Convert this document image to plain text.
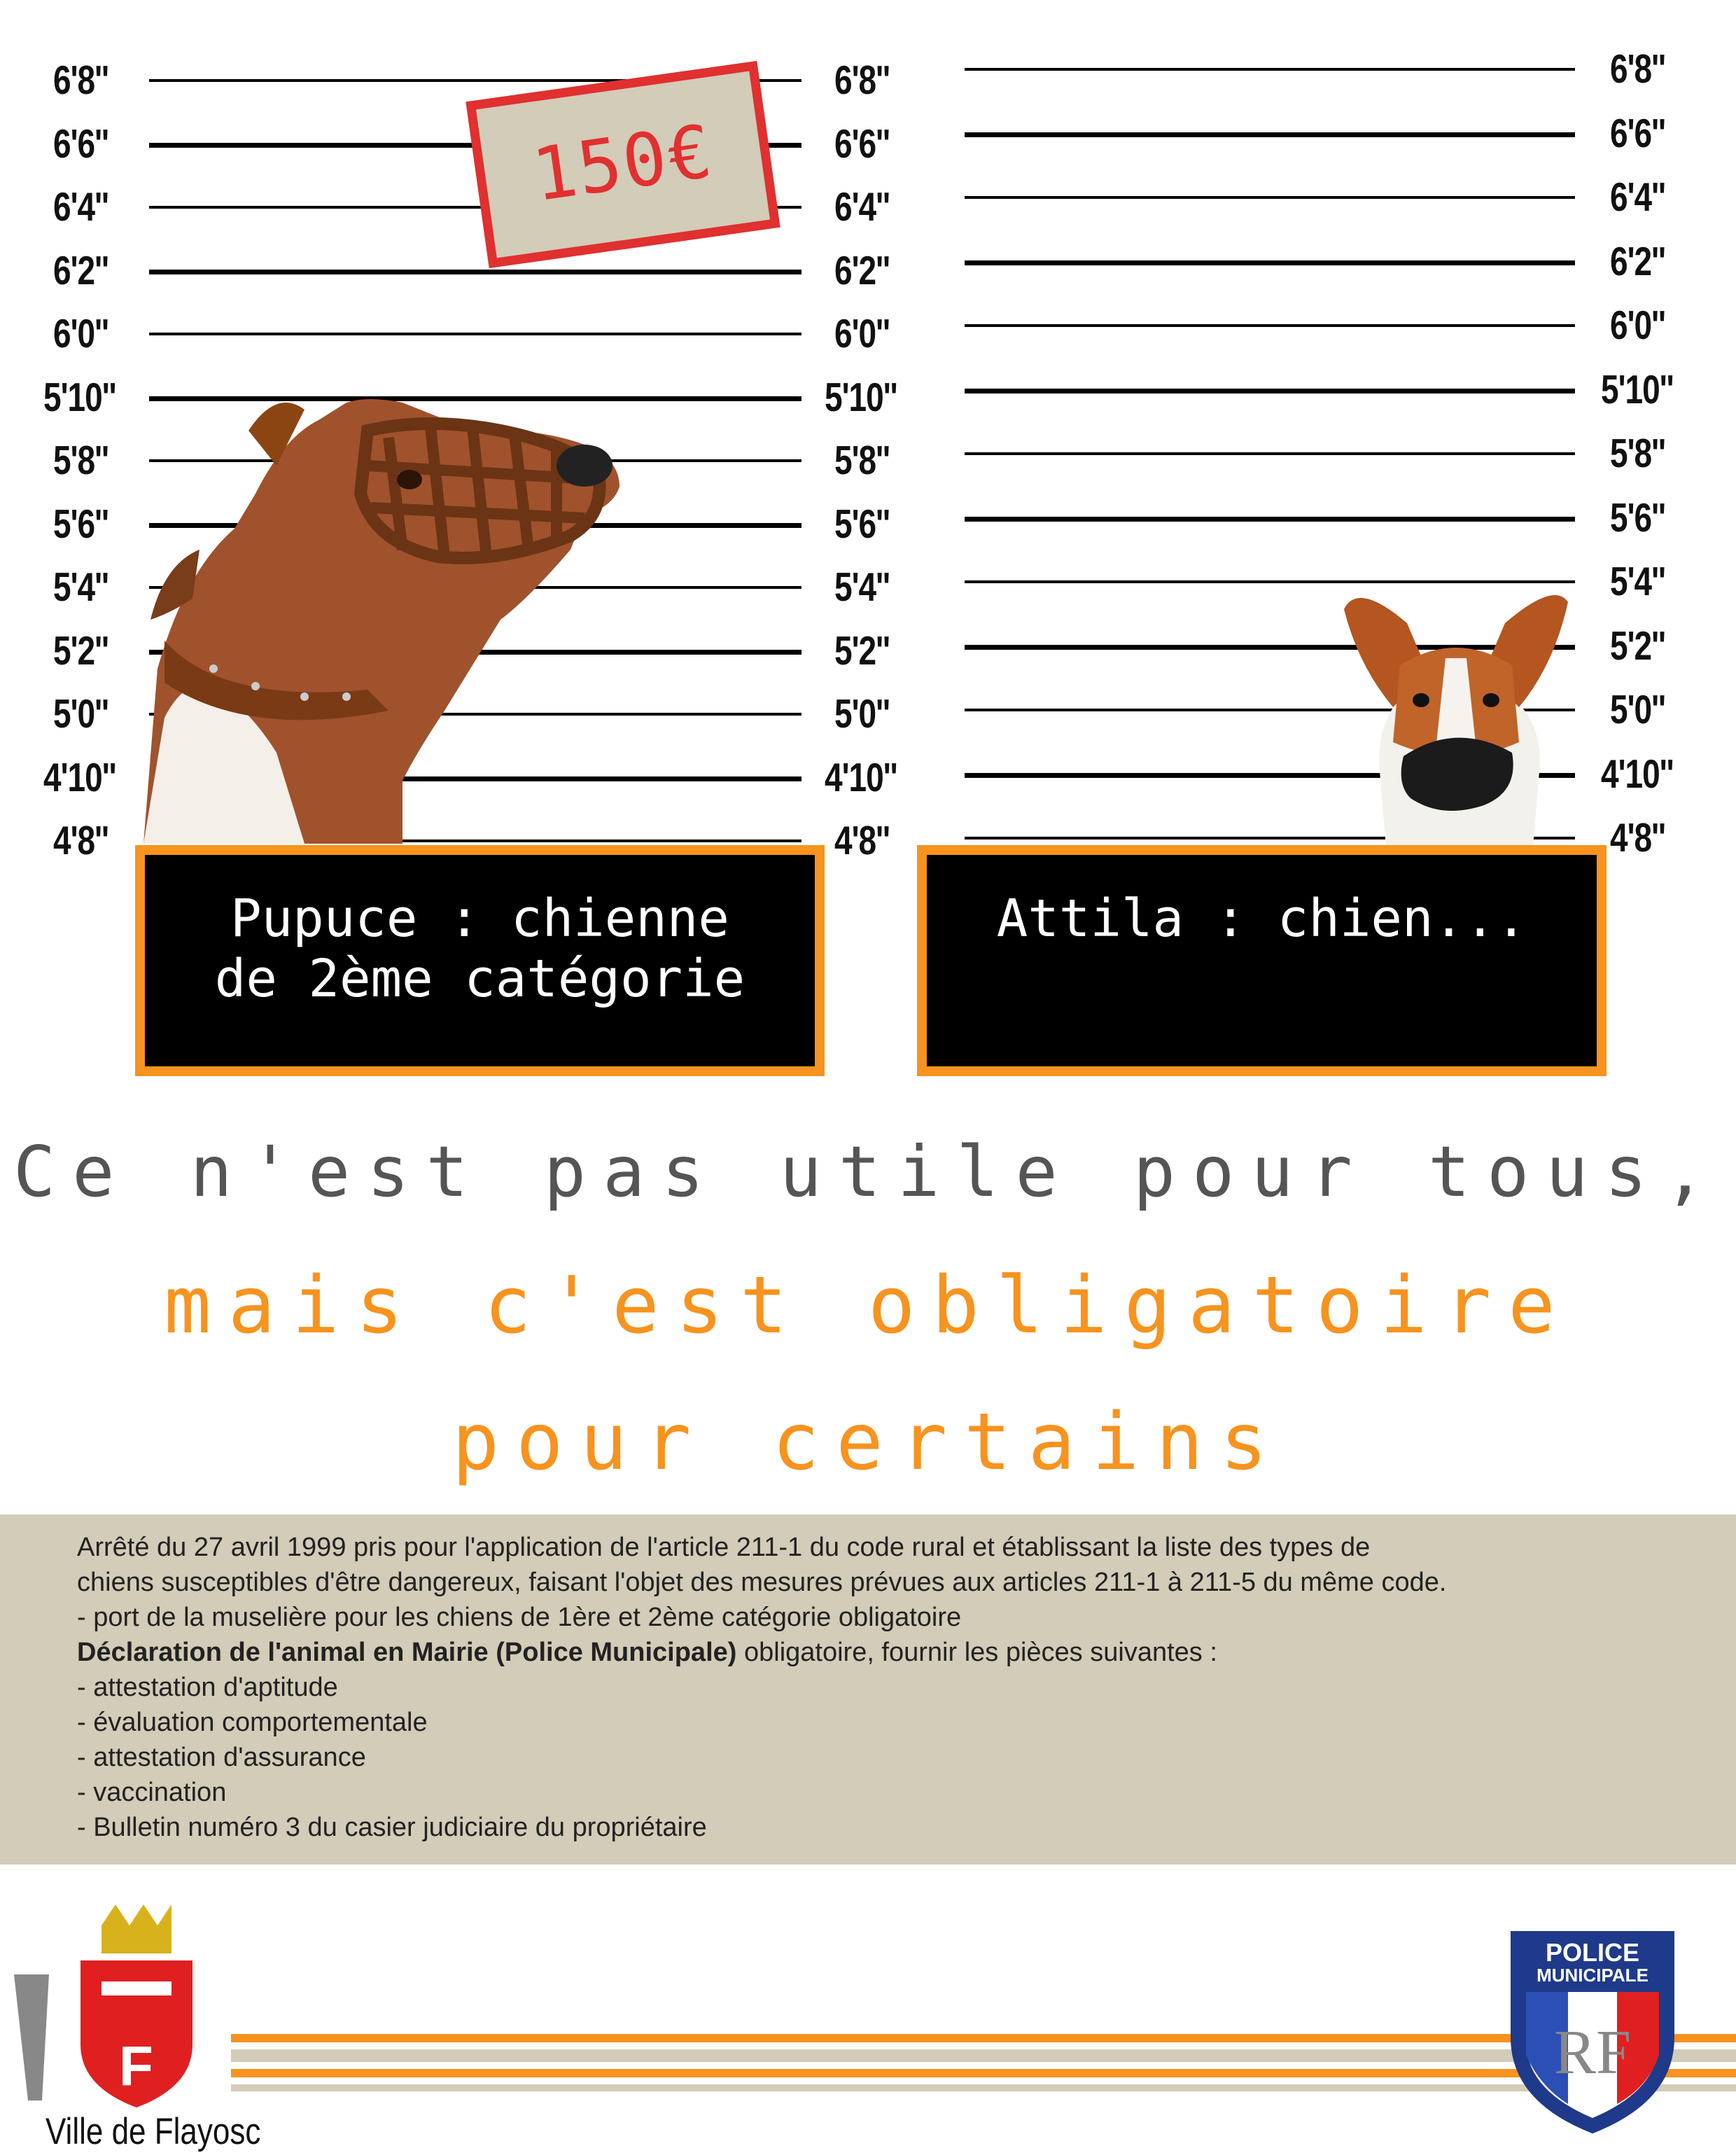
6'8''	6'8''
6'6''	6'6''
6'4''	6'4''
6'2''	6'2''
6'0''	6'0''
5'10''	5'10''
5'8''	5'8''
5'6''	5'6''
5'4''	5'4''
5'2''	5'2''
5'0''	5'0''
4'10''	4'10''
4'8''	4'8''
6'8''
6'6''
6'4''
6'2''
6'0''
5'10''
5'8''
5'6''
5'4''
5'2''
5'0''
4'10''
4'8''
150€
Pupuce : chienne
de 2ème catégorie
Attila : chien...
Ce n'est pas utile pour tous,
mais c'est obligatoire
pour certains
Arrêté du 27 avril 1999 pris pour l'application de l'article 211-1 du code rural et établissant la liste des types de
chiens susceptibles d'être dangereux, faisant l'objet des mesures prévues aux articles 211-1 à 211-5 du même code.
- port de la muselière pour les chiens de 1ère et 2ème catégorie obligatoire
Déclaration de l'animal en Mairie (Police Municipale) obligatoire, fournir les pièces suivantes :
- attestation d'aptitude
- évaluation comportementale
- attestation d'assurance
- vaccination
- Bulletin numéro 3 du casier judiciaire du propriétaire
F
Ville de Flayosc
POLICE
MUNICIPALE
RF
